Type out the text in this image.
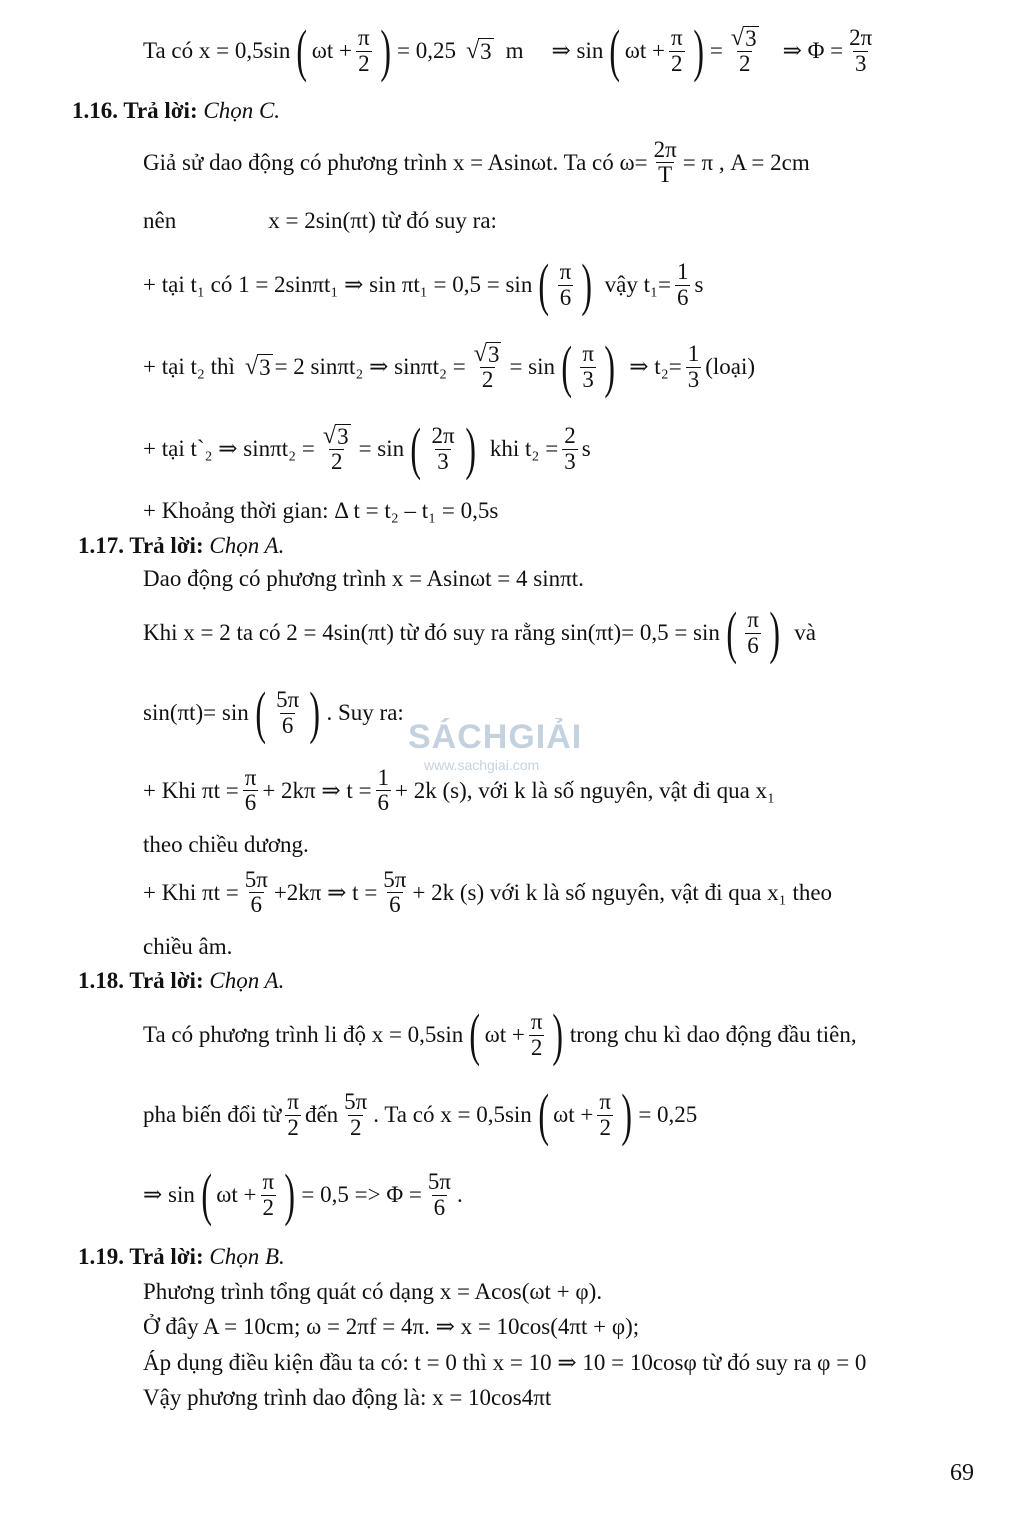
Ta có x = 0,5sin ( $\omega t + \frac{\pi}{2}$ ) = 0,25 √ 3 m ⇒ sin ( $\omega t + \frac{\pi}{2}$ ) = $\frac{√ 3}{2}$ ⇒ $\Phi = \frac{2\pi}{3}$
1.16. Trả lời:
Chọn C.
Giả sử dao động có phương trình x = Asinωt. Ta có $\omega= \frac{2\pi}{T} = \pi$ , A = 2cm
nên	x = 2sin(πt) từ đó suy ra:
+ tại t₁ có 1 = 2sinπt₁ ⇒ sin πt₁ = 0,5 = sin ( $\frac{\pi}{6}$ ) vậy $t_1= \frac{1}{6}$ s
+ tại t₂ thì √ 3 = 2 sinπt₂ ⇒ $\sin\pi t_2 = \frac{√ 3}{2} = \sin$ ( $\frac{\pi}{3}$ ) ⇒ $t_2= \frac{1}{3}$ (loại)
+ tại t`₂ ⇒ $\sin\pi t_2 = \frac{√ 3}{2} = \sin$ ( $\frac{2\pi}{3}$ ) khi $t_2 = \frac{2}{3}$ s
+ Khoảng thời gian: Δ t = t₂ – t₁ = 0,5s
1.17. Trả lời:
Chọn A.
Dao động có phương trình x = Asinωt = 4 sinπt.
Khi x = 2 ta có 2 = 4sin(πt) từ đó suy ra rằng sin(πt)= 0,5 = sin ( $\frac{\pi}{6}$ ) và
sin(πt)= sin ( $\frac{5\pi}{6}$ ) . Suy ra:
+ Khi $\pi t = \frac{\pi}{6} + 2k\pi$ ⇒ $t = \frac{1}{6} + 2k$ (s), với k là số nguyên, vật đi qua x₁
theo chiều dương.
+ Khi $\pi t = \frac{5\pi}{6} +2k\pi$ ⇒ $t = \frac{5\pi}{6} + 2k$ (s) với k là số nguyên, vật đi qua x₁ theo
chiều âm.
1.18. Trả lời:
Chọn A.
Ta có phương trình li độ x = 0,5sin ( $\omega t + \frac{\pi}{2}$ ) trong chu kì dao động đầu tiên,
pha biến đổi từ $\frac{\pi}{2}$ đến $\frac{5\pi}{2}$ . Ta có x = 0,5sin ( $\omega t + \frac{\pi}{2}$ ) = 0,25
⇒ sin ( $\omega t + \frac{\pi}{2}$ ) = $0,5 => \Phi = \frac{5\pi}{6}$ .
1.19. Trả lời:
Chọn B.
Phương trình tổng quát có dạng x = Acos(ωt + φ).
Ở đây A = 10cm; ω = 2πf = 4π. ⇒ x = 10cos(4πt + φ);
Áp dụng điều kiện đầu ta có: t = 0 thì x = 10 ⇒ 10 = 10cosφ từ đó suy ra φ = 0
Vậy phương trình dao động là: x = 10cos4πt
SÁCHGIẢI
www.sachgiai.com
69
